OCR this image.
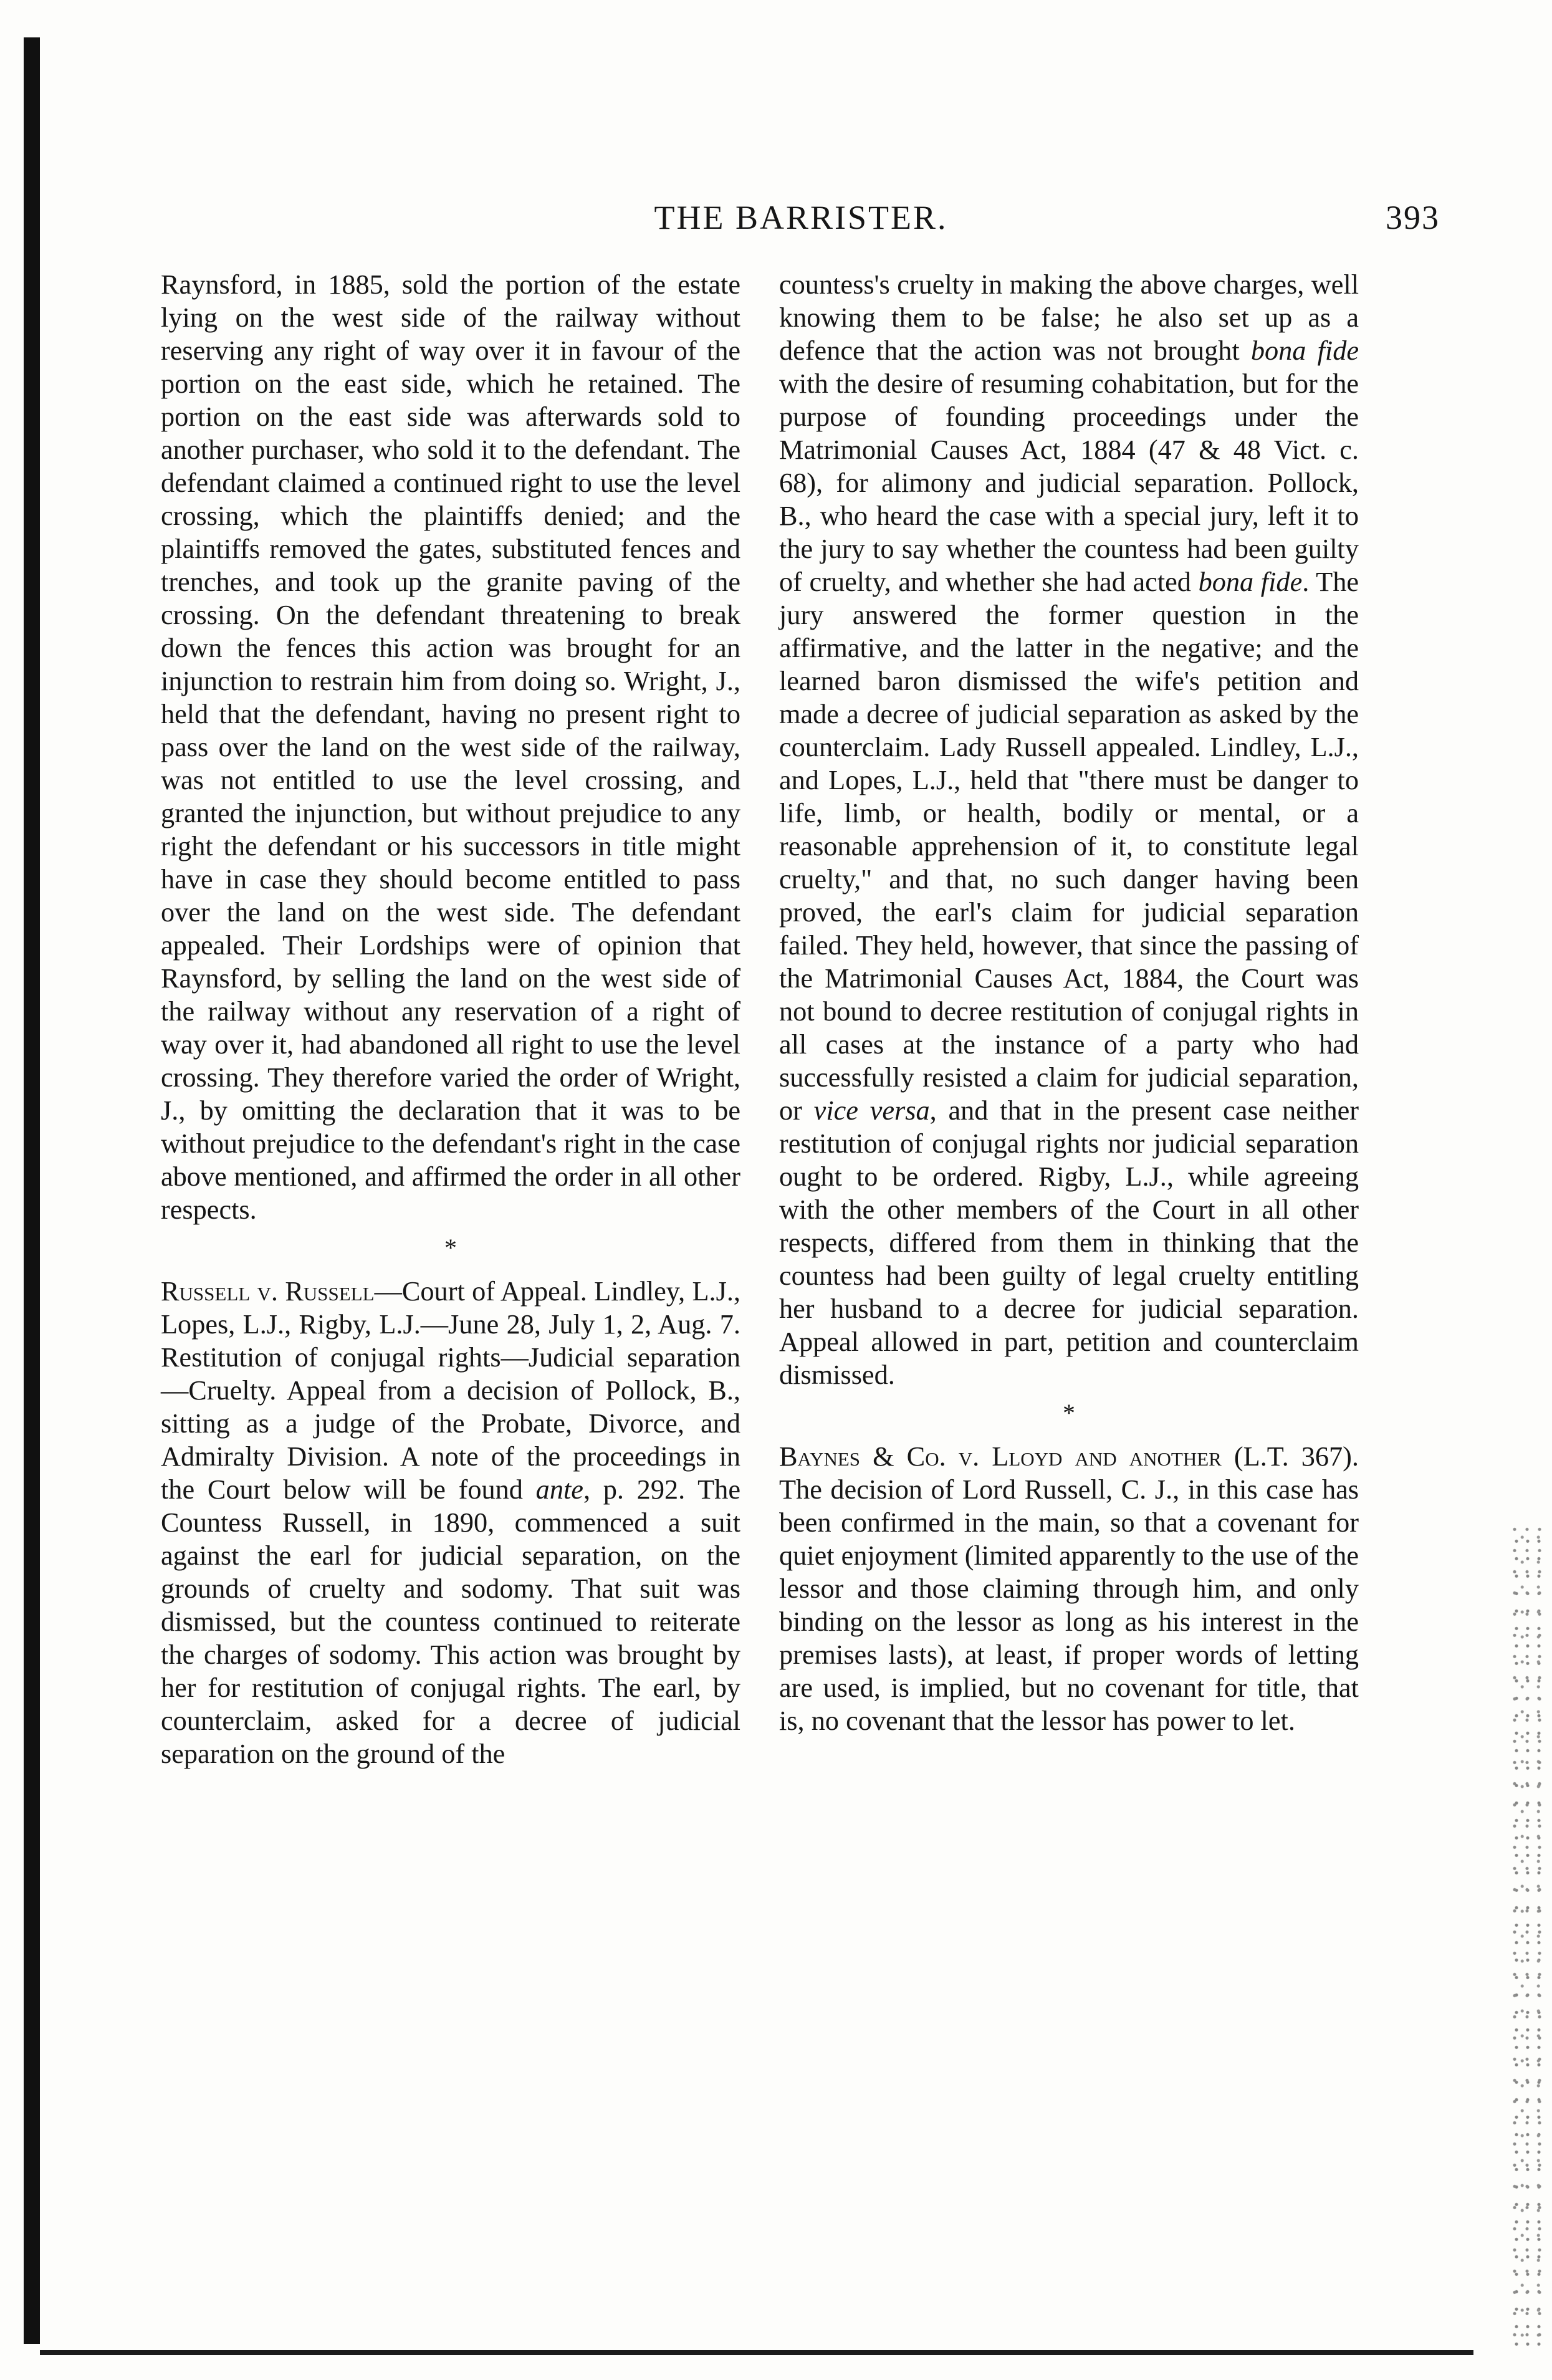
THE BARRISTER.	393

Raynsford, in 1885, sold the portion of the estate lying on the west side of the railway without reserving any right of way over it in favour of the portion on the east side, which he retained. The portion on the east side was afterwards sold to another purchaser, who sold it to the defendant. The defendant claimed a continued right to use the level crossing, which the plaintiffs denied; and the plaintiffs removed the gates, substituted fences and trenches, and took up the granite paving of the crossing. On the defendant threatening to break down the fences this action was brought for an injunction to restrain him from doing so. Wright, J., held that the defendant, having no present right to pass over the land on the west side of the railway, was not entitled to use the level crossing, and granted the injunction, but without prejudice to any right the defendant or his successors in title might have in case they should become entitled to pass over the land on the west side. The defendant appealed. Their Lordships were of opinion that Raynsford, by selling the land on the west side of the railway without any reservation of a right of way over it, had abandoned all right to use the level crossing. They therefore varied the order of Wright, J., by omitting the declaration that it was to be without prejudice to the defendant's right in the case above mentioned, and affirmed the order in all other respects.

*

Russell v. Russell—Court of Appeal. Lindley, L.J., Lopes, L.J., Rigby, L.J.—June 28, July 1, 2, Aug. 7. Restitution of conjugal rights—Judicial separation—Cruelty. Appeal from a decision of Pollock, B., sitting as a judge of the Probate, Divorce, and Admiralty Division. A note of the proceedings in the Court below will be found ante, p. 292. The Countess Russell, in 1890, commenced a suit against the earl for judicial separation, on the grounds of cruelty and sodomy. That suit was dismissed, but the countess continued to reiterate the charges of sodomy. This action was brought by her for restitution of conjugal rights. The earl, by counterclaim, asked for a decree of judicial separation on the ground of the

countess's cruelty in making the above charges, well knowing them to be false; he also set up as a defence that the action was not brought bona fide with the desire of resuming cohabitation, but for the purpose of founding proceedings under the Matrimonial Causes Act, 1884 (47 & 48 Vict. c. 68), for alimony and judicial separation. Pollock, B., who heard the case with a special jury, left it to the jury to say whether the countess had been guilty of cruelty, and whether she had acted bona fide. The jury answered the former question in the affirmative, and the latter in the negative; and the learned baron dismissed the wife's petition and made a decree of judicial separation as asked by the counterclaim. Lady Russell appealed. Lindley, L.J., and Lopes, L.J., held that "there must be danger to life, limb, or health, bodily or mental, or a reasonable apprehension of it, to constitute legal cruelty," and that, no such danger having been proved, the earl's claim for judicial separation failed. They held, however, that since the passing of the Matrimonial Causes Act, 1884, the Court was not bound to decree restitution of conjugal rights in all cases at the instance of a party who had successfully resisted a claim for judicial separation, or vice versa, and that in the present case neither restitution of conjugal rights nor judicial separation ought to be ordered. Rigby, L.J., while agreeing with the other members of the Court in all other respects, differed from them in thinking that the countess had been guilty of legal cruelty entitling her husband to a decree for judicial separation. Appeal allowed in part, petition and counterclaim dismissed.

*

Baynes & Co. v. Lloyd and another (L.T. 367). The decision of Lord Russell, C. J., in this case has been confirmed in the main, so that a covenant for quiet enjoyment (limited apparently to the use of the lessor and those claiming through him, and only binding on the lessor as long as his interest in the premises lasts), at least, if proper words of letting are used, is implied, but no covenant for title, that is, no covenant that the lessor has power to let.
